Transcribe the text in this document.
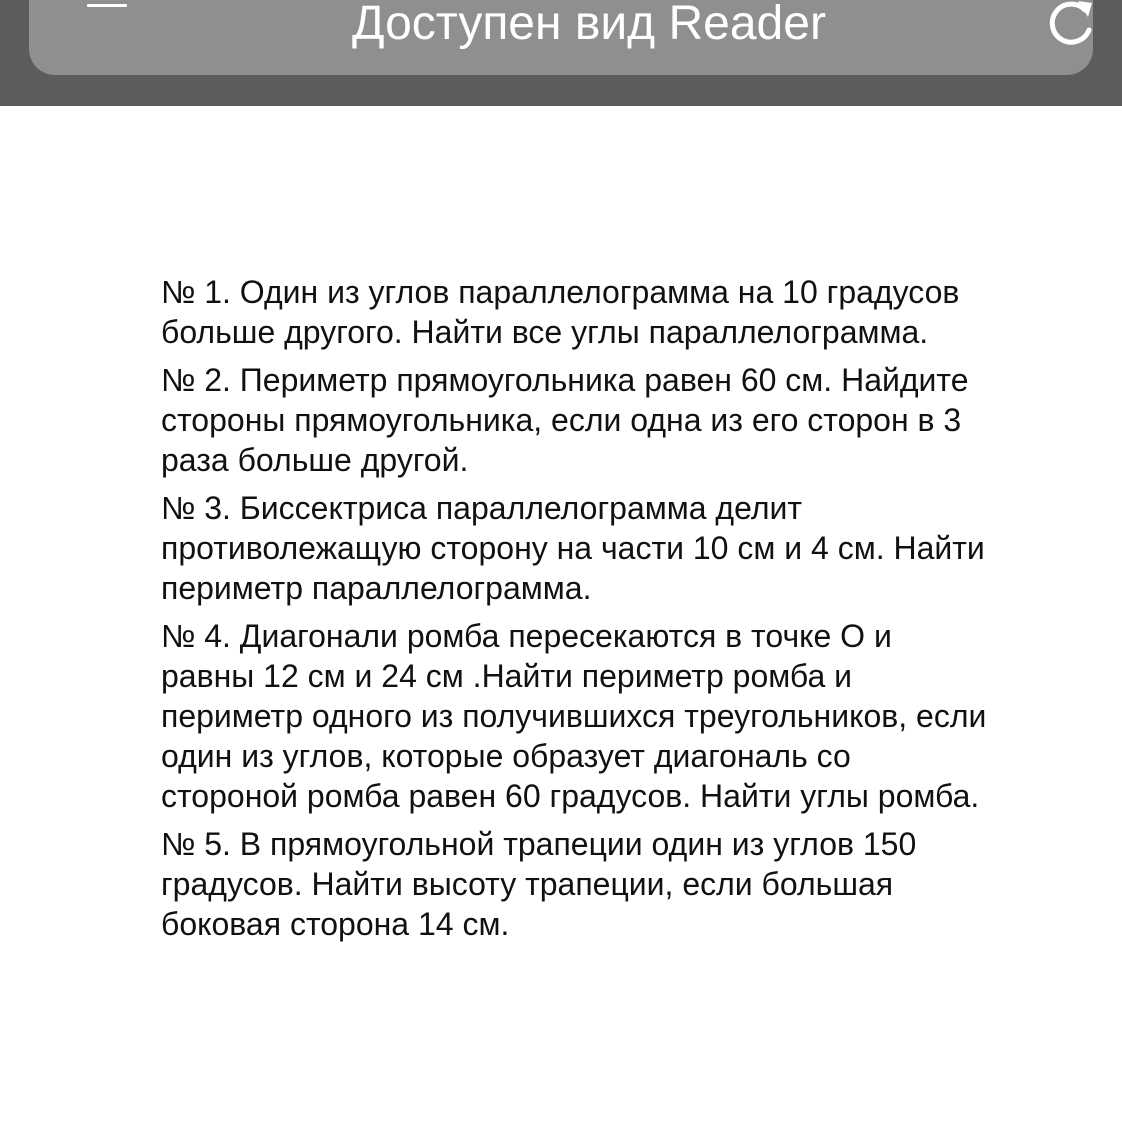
Доступен вид Reader

№ 1. Один из углов параллелограмма на 10 градусов
больше другого. Найти все углы параллелограмма.

№ 2. Периметр прямоугольника равен 60 см. Найдите
стороны прямоугольника, если одна из его сторон в 3
раза больше другой.

№ 3. Биссектриса параллелограмма делит
противолежащую сторону на части 10 см и 4 см. Найти
периметр параллелограмма.

№ 4. Диагонали ромба пересекаются в точке О и
равны 12 см и 24 см .Найти периметр ромба и
периметр одного из получившихся треугольников, если
один из углов, которые образует диагональ со
стороной ромба равен 60 градусов. Найти углы ромба.

№ 5. В прямоугольной трапеции один из углов 150
градусов. Найти высоту трапеции, если большая
боковая сторона 14 см.
